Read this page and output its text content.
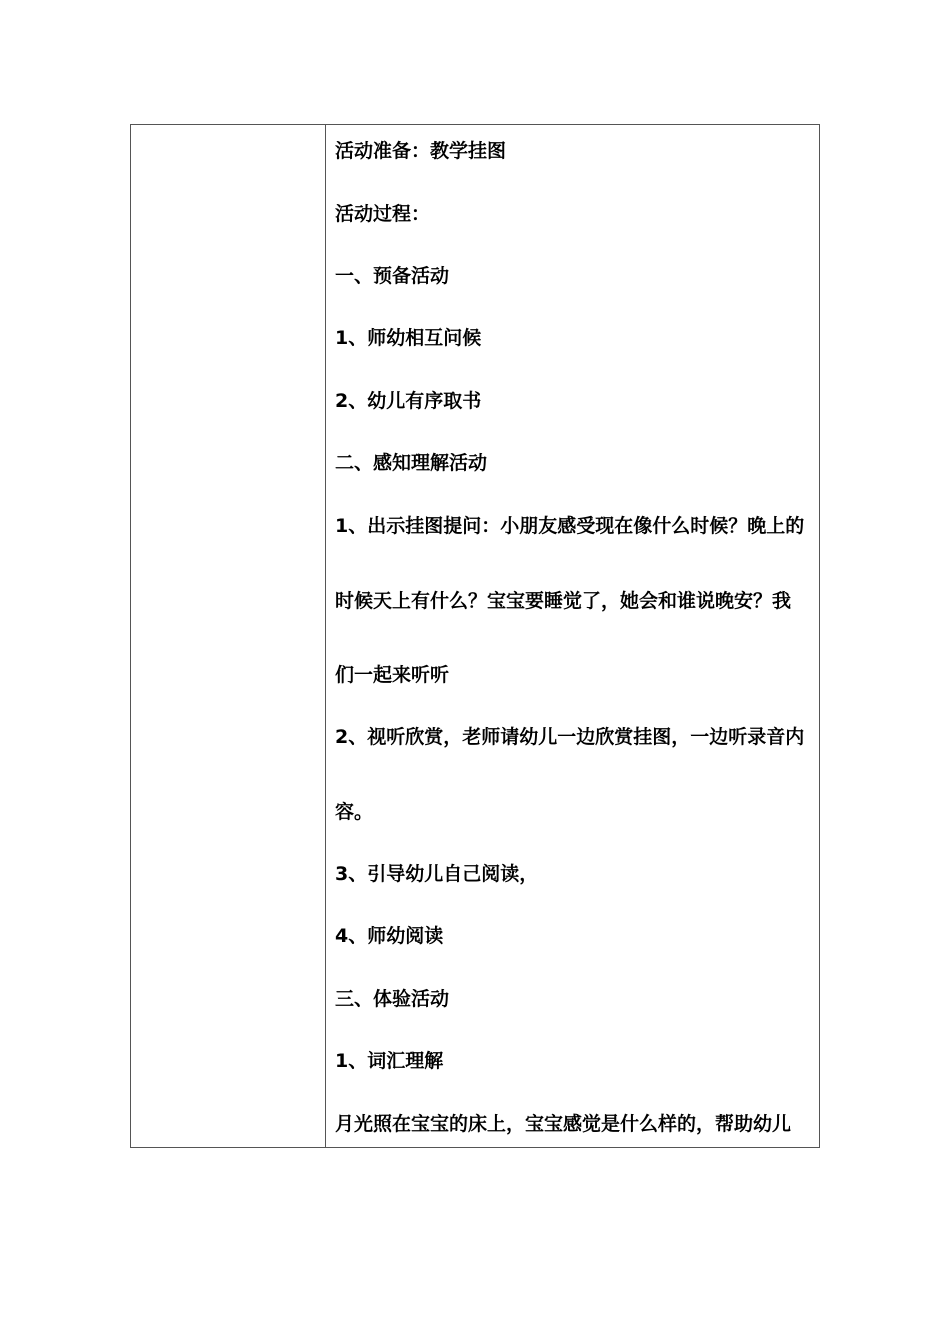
活动准备：教学挂图
活动过程：
一、预备活动
1、师幼相互问候
2、幼儿有序取书
二、感知理解活动
1、出示挂图提问：小朋友感受现在像什么时候？晚上的
时候天上有什么？宝宝要睡觉了，她会和谁说晚安？我
们一起来听听
2、视听欣赏，老师请幼儿一边欣赏挂图，一边听录音内
容。
3、引导幼儿自己阅读，
4、师幼阅读
三、体验活动
1、词汇理解
月光照在宝宝的床上，宝宝感觉是什么样的，帮助幼儿
